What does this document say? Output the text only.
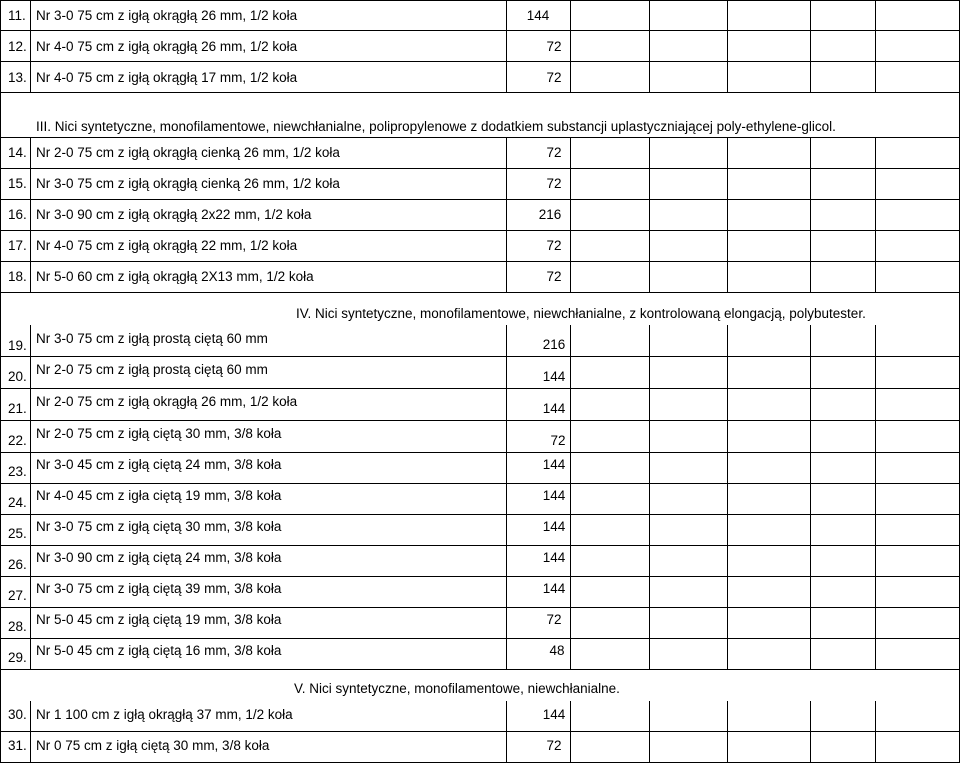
11. Nr 3-0 75 cm z igłą okrągłą 26 mm, 1/2 koła	144
12. Nr 4-0 75 cm z igłą okrągłą 26 mm, 1/2 koła	72
13. Nr 4-0 75 cm z igłą okrągłą 17 mm, 1/2 koła	72
III. Nici syntetyczne, monofilamentowe, niewchłanialne, polipropylenowe z dodatkiem substancji uplastyczniającej poly-ethylene-glicol.
14. Nr 2-0 75 cm z igłą okrągłą cienką 26 mm, 1/2 koła	72
15. Nr 3-0 75 cm z igłą okrągłą cienką 26 mm, 1/2 koła	72
16. Nr 3-0 90 cm z igłą okrągłą 2x22 mm, 1/2 koła	216
17. Nr 4-0 75 cm z igłą okrągłą 22 mm, 1/2 koła	72
18. Nr 5-0 60 cm z igłą okrągłą 2X13 mm, 1/2 koła	72
IV. Nici syntetyczne, monofilamentowe, niewchłanialne, z kontrolowaną elongacją, polybutester.
19. Nr 3-0 75 cm z igłą prostą ciętą 60 mm	216
20. Nr 2-0 75 cm z igłą prostą ciętą 60 mm	144
21. Nr 2-0 75 cm z igłą okrągłą 26 mm, 1/2 koła	144
22. Nr 2-0 75 cm z igłą ciętą 30 mm, 3/8 koła	72
23. Nr 3-0 45 cm z igłą ciętą 24 mm, 3/8 koła	144
24. Nr 4-0 45 cm z igła ciętą 19 mm, 3/8 koła	144
25. Nr 3-0 75 cm z igłą ciętą 30 mm, 3/8 koła	144
26. Nr 3-0 90 cm z igłą ciętą 24 mm, 3/8 koła	144
27. Nr 3-0 75 cm z igłą ciętą 39 mm, 3/8 koła	144
28. Nr 5-0 45 cm z igłą ciętą 19 mm, 3/8 koła	72
29. Nr 5-0 45 cm z igłą ciętą 16 mm, 3/8 koła	48
V. Nici syntetyczne, monofilamentowe, niewchłanialne.
30. Nr 1 100 cm z igłą okrągłą 37 mm, 1/2 koła	144
31. Nr 0 75 cm z igłą ciętą 30 mm, 3/8 koła	72
